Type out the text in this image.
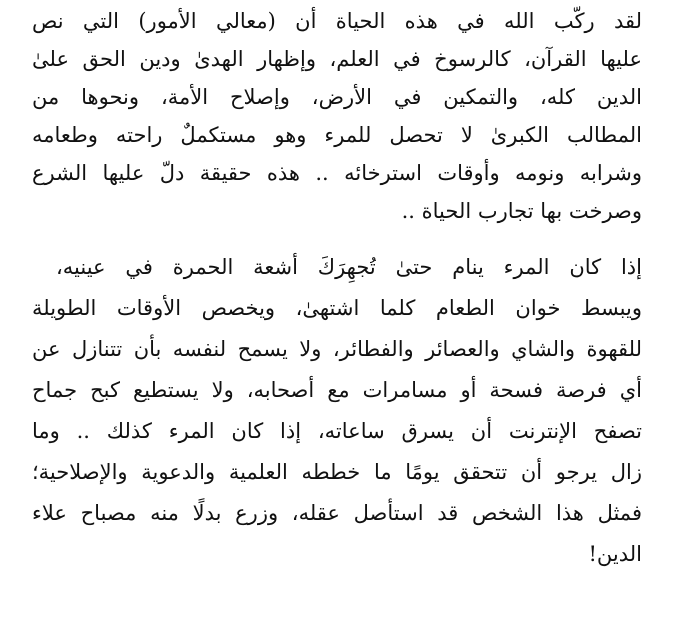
لقد ركّب الله في هذه الحياة أن (معالي الأمور) التي نص
عليها القرآن، كالرسوخ في العلم، وإظهار الهدىٰ ودين الحق علىٰ
الدين كله، والتمكين في الأرض، وإصلاح الأمة، ونحوها من
المطالب الكبرىٰ لا تحصل للمرء وهو مستكملٌ راحته وطعامه
وشرابه ونومه وأوقات استرخائه .. هذه حقيقة دلّ عليها الشرع
وصرخت بها تجارب الحياة ..
إذا كان المرء ينام حتىٰ تُجهِرَكَ أشعة الحمرة في عينيه،
ويبسط خوان الطعام كلما اشتهىٰ، ويخصص الأوقات الطويلة
للقهوة والشاي والعصائر والفطائر، ولا يسمح لنفسه بأن تتنازل عن
أي فرصة فسحة أو مسامرات مع أصحابه، ولا يستطيع كبح جماح
تصفح الإنترنت أن يسرق ساعاته، إذا كان المرء كذلك .. وما
زال يرجو أن تتحقق يومًا ما خططه العلمية والدعوية والإصلاحية؛
فمثل هذا الشخص قد استأصل عقله، وزرع بدلًا منه مصباح علاء
الدين!
